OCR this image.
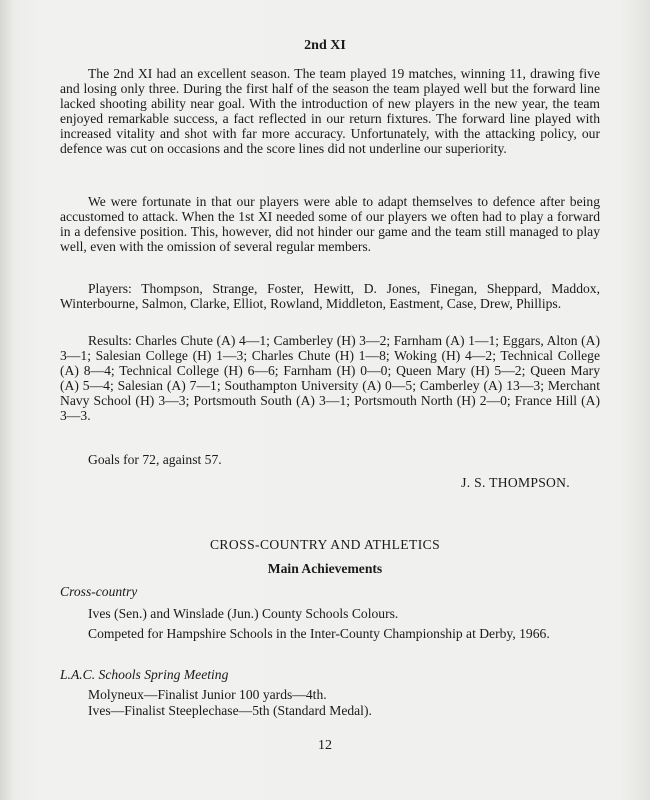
2nd XI

The 2nd XI had an excellent season. The team played 19 matches, winning 11, drawing five and losing only three. During the first half of the season the team played well but the forward line lacked shooting ability near goal. With the introduction of new players in the new year, the team enjoyed remarkable success, a fact reflected in our return fixtures. The forward line played with increased vitality and shot with far more accuracy. Unfortunately, with the attacking policy, our defence was cut on occasions and the score lines did not underline our superiority.

We were fortunate in that our players were able to adapt themselves to defence after being accustomed to attack. When the 1st XI needed some of our players we often had to play a forward in a defensive position. This, however, did not hinder our game and the team still managed to play well, even with the omission of several regular members.

Players: Thompson, Strange, Foster, Hewitt, D. Jones, Finegan, Sheppard, Maddox, Winterbourne, Salmon, Clarke, Elliot, Rowland, Middleton, Eastment, Case, Drew, Phillips.

Results: Charles Chute (A) 4—1; Camberley (H) 3—2; Farnham (A) 1—1; Eggars, Alton (A) 3—1; Salesian College (H) 1—3; Charles Chute (H) 1—8; Woking (H) 4—2; Technical College (A) 8—4; Technical College (H) 6—6; Farnham (H) 0—0; Queen Mary (H) 5—2; Queen Mary (A) 5—4; Salesian (A) 7—1; Southampton University (A) 0—5; Camberley (A) 13—3; Merchant Navy School (H) 3—3; Portsmouth South (A) 3—1; Portsmouth North (H) 2—0; France Hill (A) 3—3.

Goals for 72, against 57.

J. S. THOMPSON.
CROSS-COUNTRY AND ATHLETICS
Main Achievements
Cross-country
Ives (Sen.) and Winslade (Jun.) County Schools Colours.
Competed for Hampshire Schools in the Inter-County Championship at Derby, 1966.
L.A.C. Schools Spring Meeting
Molyneux—Finalist Junior 100 yards—4th.
Ives—Finalist Steeplechase—5th (Standard Medal).
12
